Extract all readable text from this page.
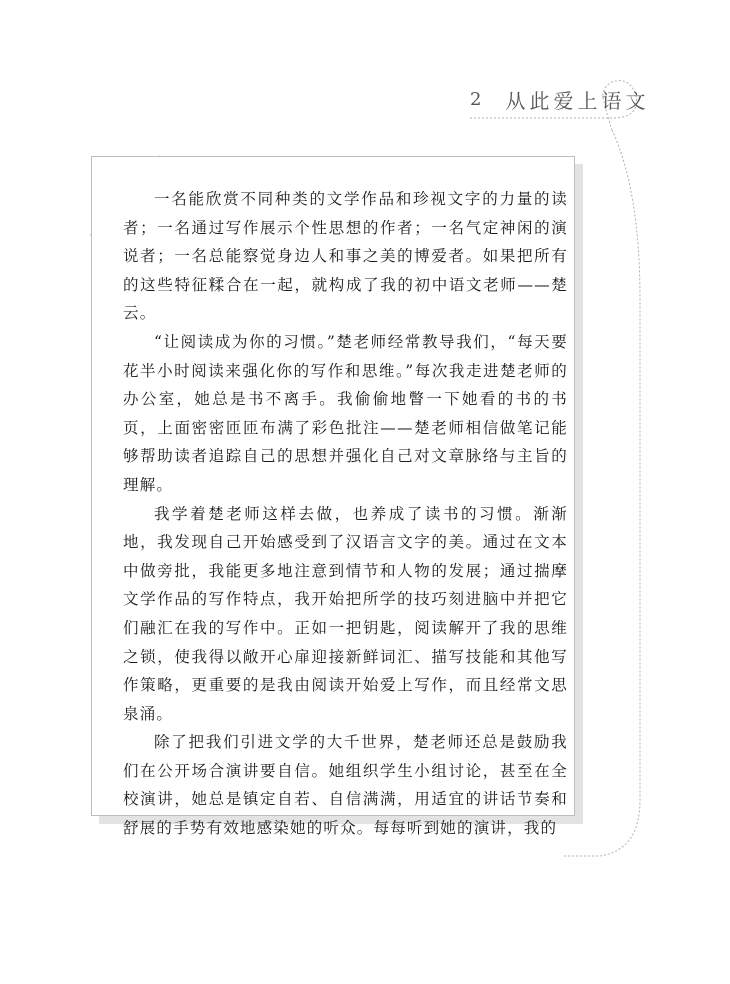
2 从此爱上语文

一名能欣赏不同种类的文学作品和珍视文字的力量的读者；一名通过写作展示个性思想的作者；一名气定神闲的演说者；一名总能察觉身边人和事之美的博爱者。如果把所有的这些特征糅合在一起，就构成了我的初中语文老师——楚云。

“让阅读成为你的习惯。”楚老师经常教导我们，“每天要花半小时阅读来强化你的写作和思维。”每次我走进楚老师的办公室，她总是书不离手。我偷偷地瞥一下她看的书的书页，上面密密匝匝布满了彩色批注——楚老师相信做笔记能够帮助读者追踪自己的思想并强化自己对文章脉络与主旨的理解。

我学着楚老师这样去做，也养成了读书的习惯。渐渐地，我发现自己开始感受到了汉语言文字的美。通过在文本中做旁批，我能更多地注意到情节和人物的发展；通过揣摩文学作品的写作特点，我开始把所学的技巧刻进脑中并把它们融汇在我的写作中。正如一把钥匙，阅读解开了我的思维之锁，使我得以敞开心扉迎接新鲜词汇、描写技能和其他写作策略，更重要的是我由阅读开始爱上写作，而且经常文思泉涌。

除了把我们引进文学的大千世界，楚老师还总是鼓励我们在公开场合演讲要自信。她组织学生小组讨论，甚至在全校演讲，她总是镇定自若、自信满满，用适宜的讲话节奏和舒展的手势有效地感染她的听众。每每听到她的演讲，我的
